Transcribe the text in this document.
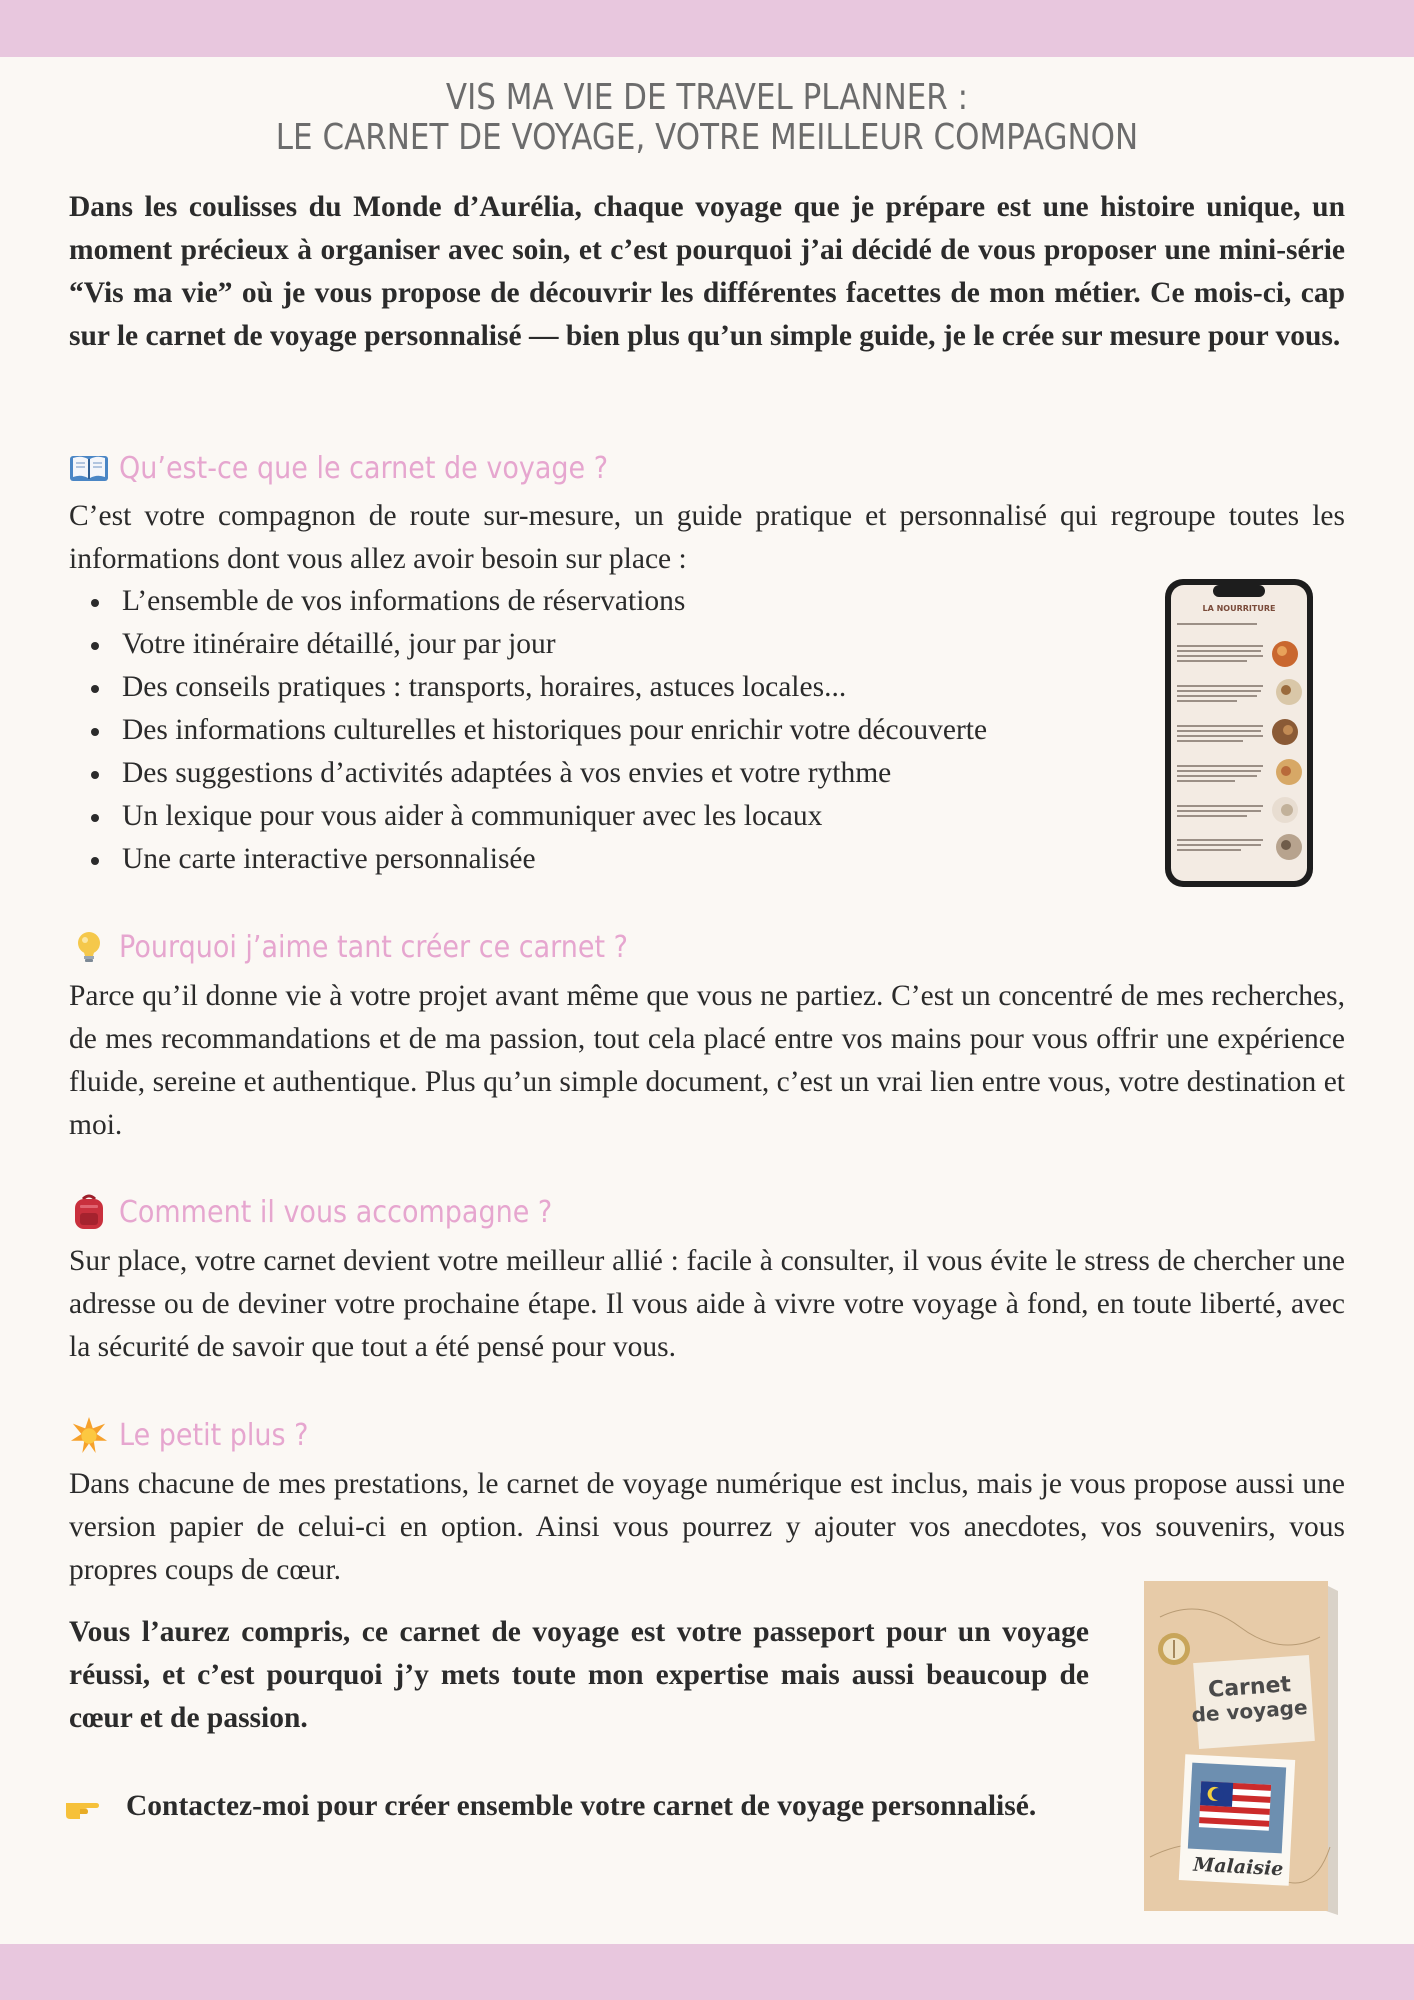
VIS MA VIE DE TRAVEL PLANNER :
LE CARNET DE VOYAGE, VOTRE MEILLEUR COMPAGNON

Dans les coulisses du Monde d’Aurélia, chaque voyage que je prépare est une histoire unique, un moment précieux à organiser avec soin, et c’est pourquoi j’ai décidé de vous proposer une mini-série “Vis ma vie” où je vous propose de découvrir les différentes facettes de mon métier. Ce mois-ci, cap sur le carnet de voyage personnalisé — bien plus qu’un simple guide, je le crée sur mesure pour vous.

Qu’est-ce que le carnet de voyage ?

C’est votre compagnon de route sur-mesure, un guide pratique et personnalisé qui regroupe toutes les informations dont vous allez avoir besoin sur place :

L’ensemble de vos informations de réservations
Votre itinéraire détaillé, jour par jour
Des conseils pratiques : transports, horaires, astuces locales...
Des informations culturelles et historiques pour enrichir votre découverte
Des suggestions d’activités adaptées à vos envies et votre rythme
Un lexique pour vous aider à communiquer avec les locaux
Une carte interactive personnalisée
LA NOURRITURE
Pourquoi j’aime tant créer ce carnet ?

Parce qu’il donne vie à votre projet avant même que vous ne partiez. C’est un concentré de mes recherches, de mes recommandations et de ma passion, tout cela placé entre vos mains pour vous offrir une expérience fluide, sereine et authentique. Plus qu’un simple document, c’est un vrai lien entre vous, votre destination et moi.

Comment il vous accompagne ?

Sur place, votre carnet devient votre meilleur allié : facile à consulter, il vous évite le stress de chercher une adresse ou de deviner votre prochaine étape. Il vous aide à vivre votre voyage à fond, en toute liberté, avec la sécurité de savoir que tout a été pensé pour vous.

Le petit plus ?

Dans chacune de mes prestations, le carnet de voyage numérique est inclus, mais je vous propose aussi une version papier de celui-ci en option. Ainsi vous pourrez y ajouter vos anecdotes, vos souvenirs, vous propres coups de cœur.

Vous l’aurez compris, ce carnet de voyage est votre passeport pour un voyage réussi, et c’est pourquoi j’y mets toute mon expertise mais aussi beaucoup de cœur et de passion.

Contactez-moi pour créer ensemble votre carnet de voyage personnalisé.
Carnet
de voyage
Malaisie
